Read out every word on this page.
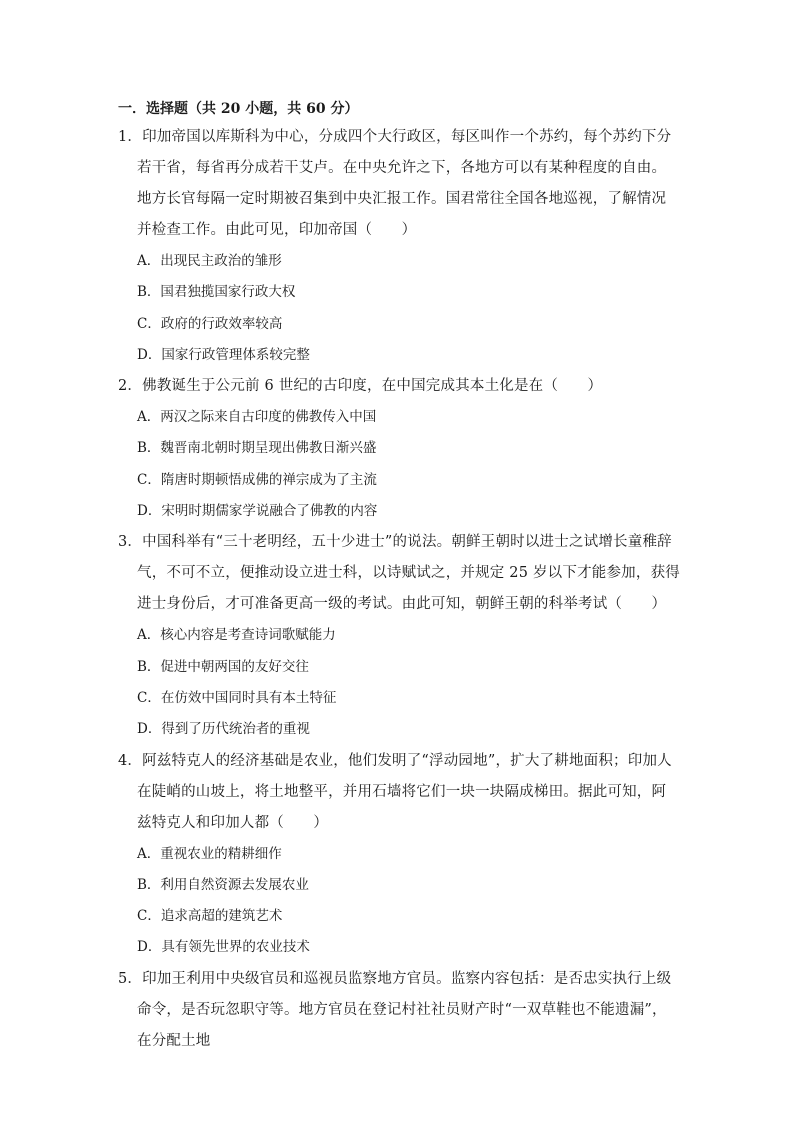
一．选择题（共 20 小题，共 60 分）
1．印加帝国以库斯科为中心，分成四个大行政区，每区叫作一个苏约，每个苏约下分若干省，每省再分成若干艾卢。在中央允许之下，各地方可以有某种程度的自由。地方长官每隔一定时期被召集到中央汇报工作。国君常往全国各地巡视，了解情况并检查工作。由此可见，印加帝国（　　）
A．出现民主政治的雏形
B．国君独揽国家行政大权
C．政府的行政效率较高
D．国家行政管理体系较完整
2．佛教诞生于公元前 6 世纪的古印度，在中国完成其本土化是在（　　）
A．两汉之际来自古印度的佛教传入中国
B．魏晋南北朝时期呈现出佛教日渐兴盛
C．隋唐时期顿悟成佛的禅宗成为了主流
D．宋明时期儒家学说融合了佛教的内容
3．中国科举有“三十老明经，五十少进士”的说法。朝鲜王朝时以进士之试增长童稚辞气，不可不立，便推动设立进士科，以诗赋试之，并规定 25 岁以下才能参加，获得进士身份后，才可准备更高一级的考试。由此可知，朝鲜王朝的科举考试（　　）
A．核心内容是考查诗词歌赋能力
B．促进中朝两国的友好交往
C．在仿效中国同时具有本土特征
D．得到了历代统治者的重视
4．阿兹特克人的经济基础是农业，他们发明了“浮动园地”，扩大了耕地面积；印加人在陡峭的山坡上，将土地整平，并用石墙将它们一块一块隔成梯田。据此可知，阿兹特克人和印加人都（　　）
A．重视农业的精耕细作
B．利用自然资源去发展农业
C．追求高超的建筑艺术
D．具有领先世界的农业技术
5．印加王利用中央级官员和巡视员监察地方官员。监察内容包括：是否忠实执行上级命令，是否玩忽职守等。地方官员在登记村社社员财产时“一双草鞋也不能遗漏”，在分配土地
